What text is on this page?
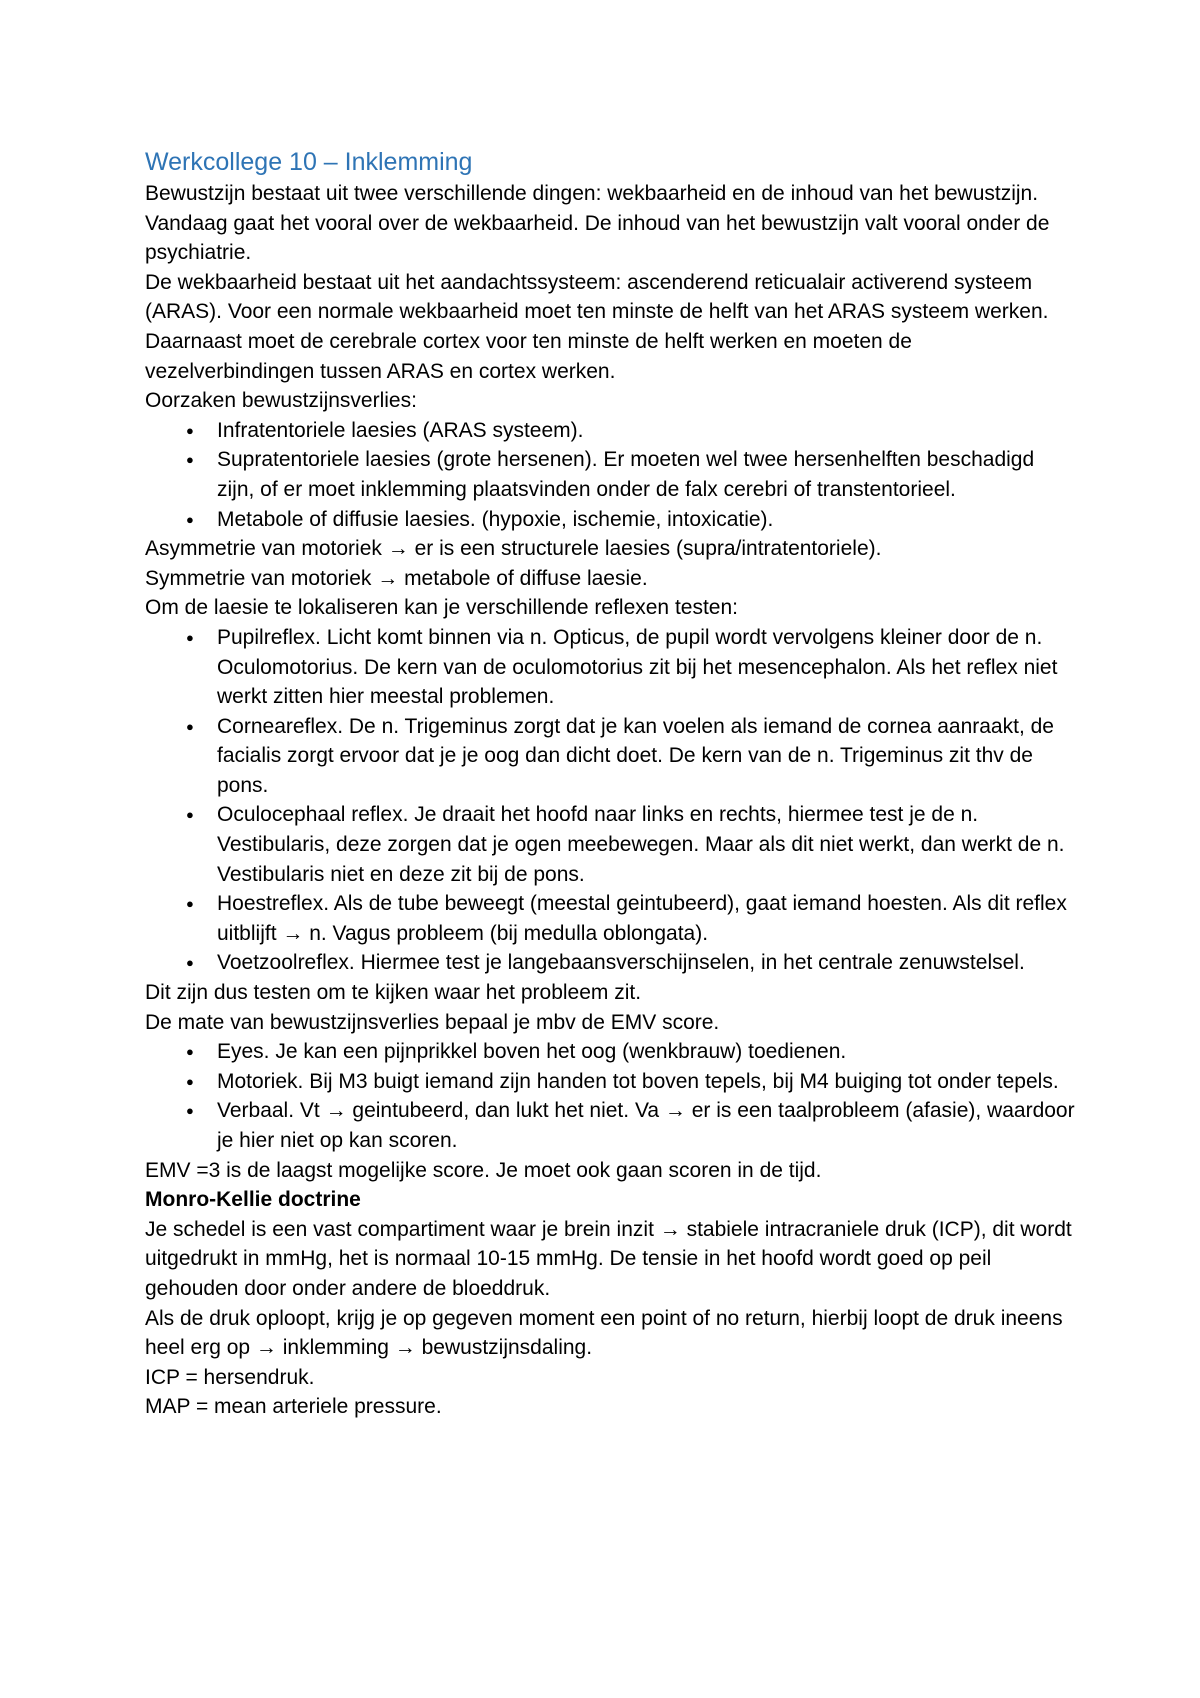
Werkcollege 10 – Inklemming

Bewustzijn bestaat uit twee verschillende dingen: wekbaarheid en de inhoud van het bewustzijn. Vandaag gaat het vooral over de wekbaarheid. De inhoud van het bewustzijn valt vooral onder de psychiatrie.

De wekbaarheid bestaat uit het aandachtssysteem: ascenderend reticualair activerend systeem (ARAS). Voor een normale wekbaarheid moet ten minste de helft van het ARAS systeem werken. Daarnaast moet de cerebrale cortex voor ten minste de helft werken en moeten de vezelverbindingen tussen ARAS en cortex werken.

Oorzaken bewustzijnsverlies:

● Infratentoriele laesies (ARAS systeem).
● Supratentoriele laesies (grote hersenen). Er moeten wel twee hersenhelften beschadigd zijn, of er moet inklemming plaatsvinden onder de falx cerebri of transtentorieel.
● Metabole of diffusie laesies. (hypoxie, ischemie, intoxicatie).

Asymmetrie van motoriek → er is een structurele laesies (supra/intratentoriele).

Symmetrie van motoriek → metabole of diffuse laesie.

Om de laesie te lokaliseren kan je verschillende reflexen testen:

● Pupilreflex. Licht komt binnen via n. Opticus, de pupil wordt vervolgens kleiner door de n. Oculomotorius. De kern van de oculomotorius zit bij het mesencephalon. Als het reflex niet werkt zitten hier meestal problemen.
● Corneareflex. De n. Trigeminus zorgt dat je kan voelen als iemand de cornea aanraakt, de facialis zorgt ervoor dat je je oog dan dicht doet. De kern van de n. Trigeminus zit thv de pons.
● Oculocephaal reflex. Je draait het hoofd naar links en rechts, hiermee test je de n. Vestibularis, deze zorgen dat je ogen meebewegen. Maar als dit niet werkt, dan werkt de n. Vestibularis niet en deze zit bij de pons.
● Hoestreflex. Als de tube beweegt (meestal geintubeerd), gaat iemand hoesten. Als dit reflex uitblijft → n. Vagus probleem (bij medulla oblongata).
● Voetzoolreflex. Hiermee test je langebaansverschijnselen, in het centrale zenuwstelsel.

Dit zijn dus testen om te kijken waar het probleem zit.

De mate van bewustzijnsverlies bepaal je mbv de EMV score.

● Eyes. Je kan een pijnprikkel boven het oog (wenkbrauw) toedienen.
● Motoriek. Bij M3 buigt iemand zijn handen tot boven tepels, bij M4 buiging tot onder tepels.
● Verbaal. Vt → geintubeerd, dan lukt het niet. Va → er is een taalprobleem (afasie), waardoor je hier niet op kan scoren.

EMV =3 is de laagst mogelijke score. Je moet ook gaan scoren in de tijd.

Monro-Kellie doctrine

Je schedel is een vast compartiment waar je brein inzit → stabiele intracraniele druk (ICP), dit wordt uitgedrukt in mmHg, het is normaal 10-15 mmHg. De tensie in het hoofd wordt goed op peil gehouden door onder andere de bloeddruk.

Als de druk oploopt, krijg je op gegeven moment een point of no return, hierbij loopt de druk ineens heel erg op → inklemming → bewustzijnsdaling.

ICP = hersendruk.

MAP = mean arteriele pressure.
